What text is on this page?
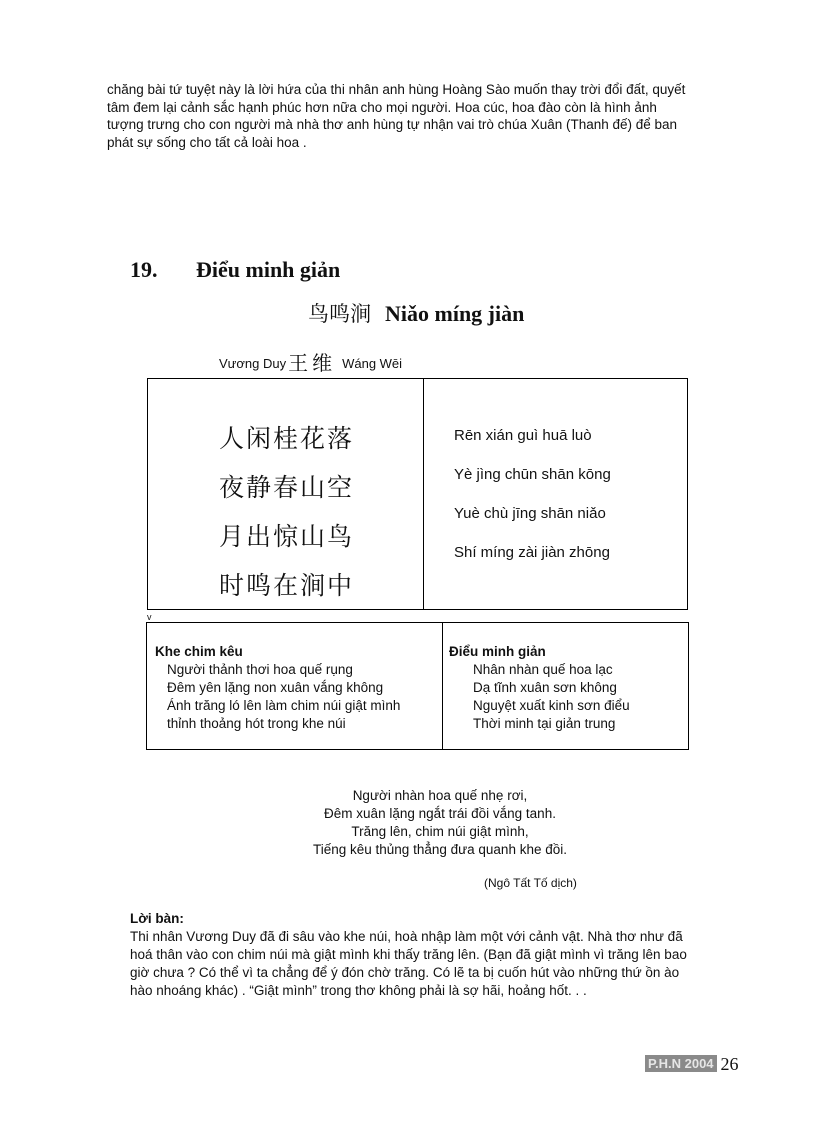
chăng bài tứ tuyệt này là lời hứa của thi nhân anh hùng Hoàng Sào muốn thay trời đổi đất, quyết
tâm đem lại cảnh sắc hạnh phúc hơn nữa cho mọi người. Hoa cúc, hoa đào còn là hình ảnh
tượng trưng cho con người mà nhà thơ anh hùng tự nhận vai trò chúa Xuân (Thanh đế) để ban
phát sự sống cho tất cả loài hoa .
19. Điểu minh giản
鸟鸣涧 Niǎo míng jiàn
Vương Duy 王维 Wáng Wēi
人闲桂花落
夜静春山空
月出惊山鸟
时鸣在涧中
Rēn xián guì huā luò
Yè jìng chūn shān kōng
Yuè chù jīng shān niǎo
Shí míng zài jiàn zhōng
v
Khe chim kêu
Người thảnh thơi hoa quế rụng
Đêm yên lặng non xuân vắng không
Ánh trăng ló lên làm chim núi giật mình
thỉnh thoảng hót trong khe núi
Điểu minh giản
Nhân nhàn quế hoa lạc
Dạ tĩnh xuân sơn không
Nguyệt xuất kinh sơn điểu
Thời minh tại giản trung
Người nhàn hoa quế nhẹ rơi,
Đêm xuân lặng ngắt trái đồi vắng tanh.
Trăng lên, chim núi giật mình,
Tiếng kêu thủng thẳng đưa quanh khe đồi.
(Ngô Tất Tố dịch)
Lời bàn:
Thi nhân Vương Duy đã đi sâu vào khe núi, hoà nhập làm một với cảnh vật. Nhà thơ như đã
hoá thân vào con chim núi mà giật mình khi thấy trăng lên. (Bạn đã giật mình vì trăng lên bao
giờ chưa ? Có thể vì ta chẳng để ý đón chờ trăng. Có lẽ ta bị cuốn hút vào những thứ ồn ào
hào nhoáng khác) . “Giật mình” trong thơ không phải là sợ hãi, hoảng hốt. . .
P.H.N 2004 26
